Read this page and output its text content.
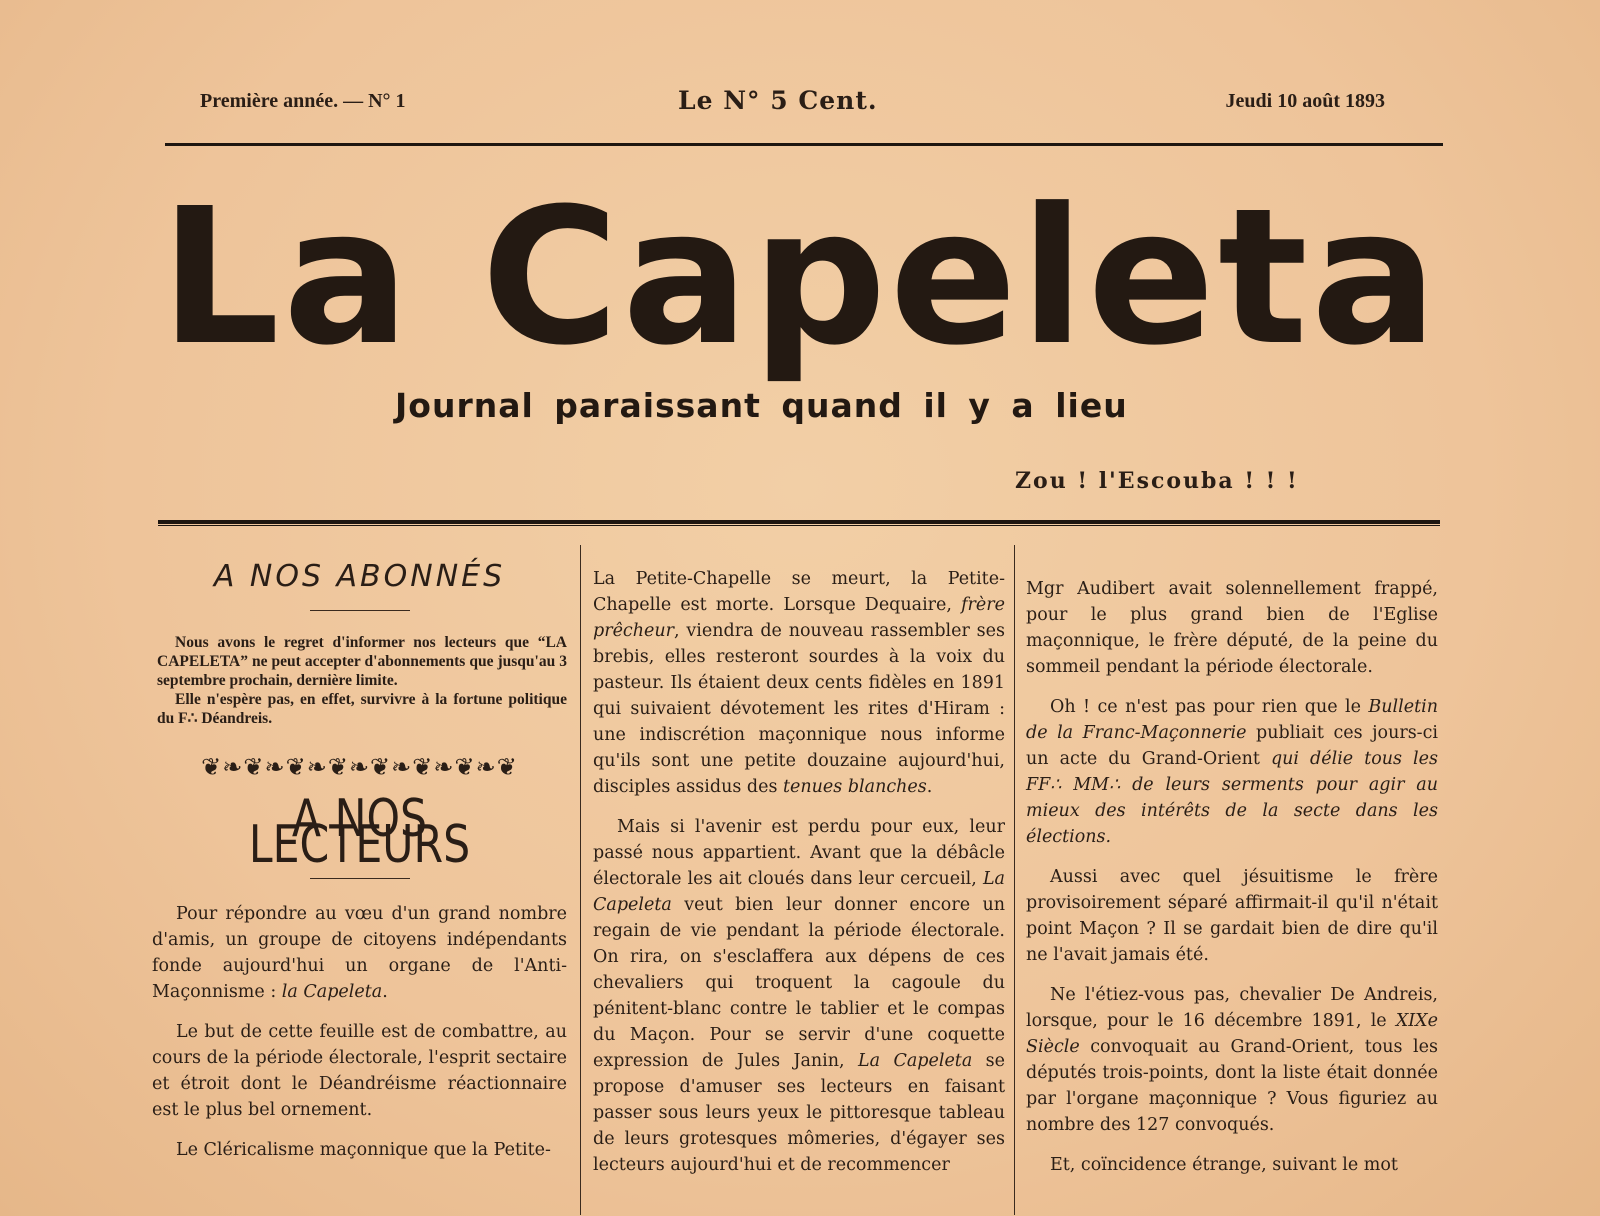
Première année. — N° 1	Le N° 5 Cent.	Jeudi 10 août 1893
La Capeleta
Journal paraissant quand il y a lieu
Zou ! l'Escouba ! ! !
A NOS ABONNÉS

Nous avons le regret d'informer nos lecteurs que “LA CAPELETA” ne peut accepter d'abonnements que jusqu'au 3 septembre prochain, dernière limite.

Elle n'espère pas, en effet, survivre à la fortune politique du F∴ Déandreis.

❦❧❦❧❦❧❦❧❦❧❦❧❦❧❦
A NOS LECTEURS

Pour répondre au vœu d'un grand nombre d'amis, un groupe de citoyens indépendants fonde aujourd'hui un organe de l'Anti-Maçonnisme : la Capeleta.

Le but de cette feuille est de combattre, au cours de la période électorale, l'esprit sectaire et étroit dont le Déandréisme réactionnaire est le plus bel ornement.

Le Cléricalisme maçonnique que la Petite-

La Petite-Chapelle se meurt, la Petite-Chapelle est morte. Lorsque Dequaire, frère prêcheur, viendra de nouveau rassembler ses brebis, elles resteront sourdes à la voix du pasteur. Ils étaient deux cents fidèles en 1891 qui suivaient dévotement les rites d'Hiram : une indiscrétion maçonnique nous informe qu'ils sont une petite douzaine aujourd'hui, disciples assidus des tenues blanches.

Mais si l'avenir est perdu pour eux, leur passé nous appartient. Avant que la débâcle électorale les ait cloués dans leur cercueil, La Capeleta veut bien leur donner encore un regain de vie pendant la période électorale. On rira, on s'esclaffera aux dépens de ces chevaliers qui troquent la cagoule du pénitent-blanc contre le tablier et le compas du Maçon. Pour se servir d'une coquette expression de Jules Janin, La Capeleta se propose d'amuser ses lecteurs en faisant passer sous leurs yeux le pittoresque tableau de leurs grotesques mômeries, d'égayer ses lecteurs aujourd'hui et de recommencer

Mgr Audibert avait solennellement frappé, pour le plus grand bien de l'Eglise maçonnique, le frère député, de la peine du sommeil pendant la période électorale.

Oh ! ce n'est pas pour rien que le Bulletin de la Franc-Maçonnerie publiait ces jours-ci un acte du Grand-Orient qui délie tous les FF∴ MM∴ de leurs serments pour agir au mieux des intérêts de la secte dans les élections.

Aussi avec quel jésuitisme le frère provisoirement séparé affirmait-il qu'il n'était point Maçon ? Il se gardait bien de dire qu'il ne l'avait jamais été.

Ne l'étiez-vous pas, chevalier De Andreis, lorsque, pour le 16 décembre 1891, le XIXe Siècle convoquait au Grand-Orient, tous les députés trois-points, dont la liste était donnée par l'organe maçonnique ? Vous figuriez au nombre des 127 convoqués.

Et, coïncidence étrange, suivant le mot
